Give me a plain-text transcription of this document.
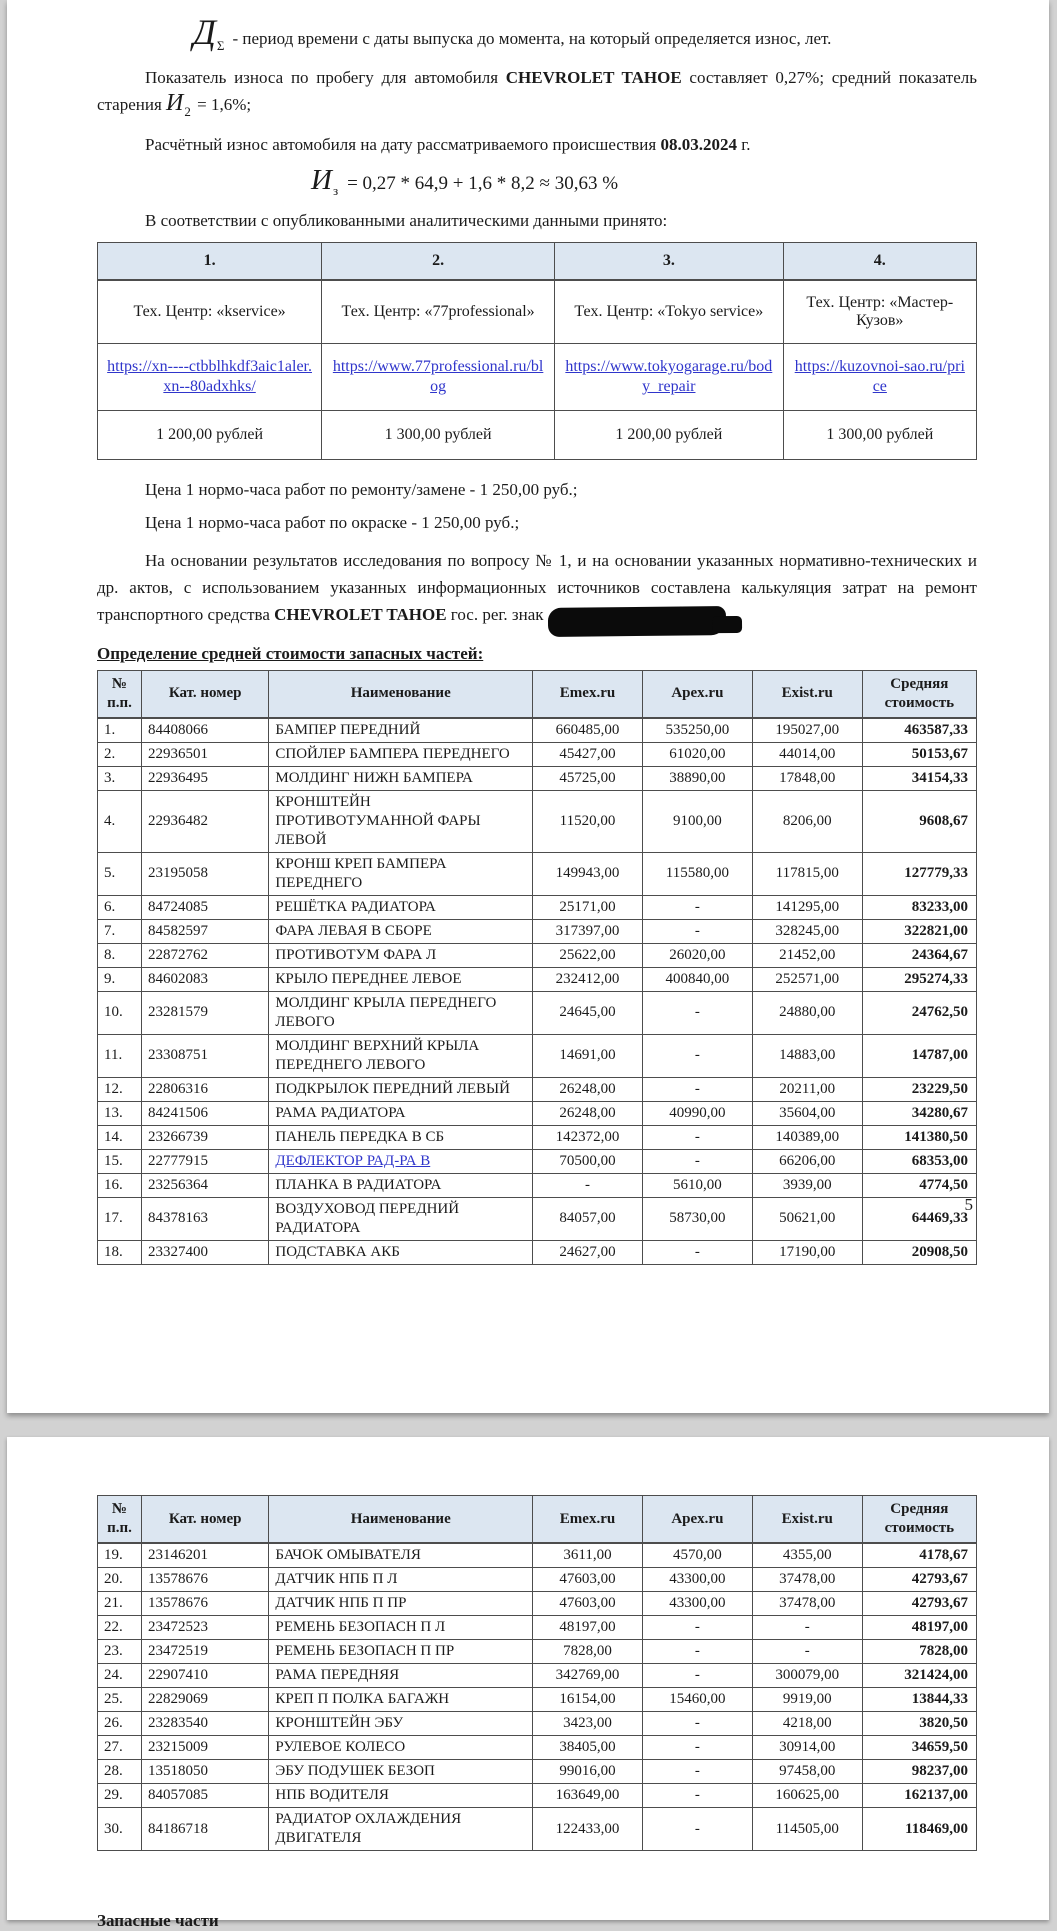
$Д_\Sigma$ - период времени с даты выпуска до момента, на который определяется износ, лет.

Показатель износа по пробегу для автомобиля CHEVROLET TAHOE составляет 0,27%; средний показатель старения $И_2 = 1,6\%$;

Расчётный износ автомобиля на дату рассматриваемого происшествия 08.03.2024 г.

$И_з = 0,27 * 64,9 + 1,6 * 8,2 \approx 30,63$ %

В соответствии с опубликованными аналитическими данными принято:

1.	2.	3.	4.
Тех. Центр: «kservice»	Тех. Центр: «77professional»	Тех. Центр: «Tokyo service»	Тех. Центр: «Мастер-Кузов»
https://xn----ctbblhkdf3aic1aler.xn--80adxhks/	https://www.77professional.ru/blog	https://www.tokyogarage.ru/body_repair	https://kuzovnoi-sao.ru/price
1 200,00 рублей	1 300,00 рублей	1 200,00 рублей	1 300,00 рублей

Цена 1 нормо-часа работ по ремонту/замене - 1 250,00 руб.;

Цена 1 нормо-часа работ по окраске - 1 250,00 руб.;

На основании результатов исследования по вопросу № 1, и на основании указанных нормативно-технических и др. актов, с использованием указанных информационных источников составлена калькуляция затрат на ремонт транспортного средства CHEVROLET TAHOE гос. рег. знак

Определение средней стоимости запасных частей:

№ п.п.	Кат. номер	Наименование	Emex.ru	Apex.ru	Exist.ru	Средняя стоимость
1.	84408066	БАМПЕР ПЕРЕДНИЙ	660485,00	535250,00	195027,00	463587,33
2.	22936501	СПОЙЛЕР БАМПЕРА ПЕРЕДНЕГО	45427,00	61020,00	44014,00	50153,67
3.	22936495	МОЛДИНГ НИЖН БАМПЕРА	45725,00	38890,00	17848,00	34154,33
4.	22936482	КРОНШТЕЙН ПРОТИВОТУМАННОЙ ФАРЫ ЛЕВОЙ	11520,00	9100,00	8206,00	9608,67
5.	23195058	КРОНШ КРЕП БАМПЕРА ПЕРЕДНЕГО	149943,00	115580,00	117815,00	127779,33
6.	84724085	РЕШЁТКА РАДИАТОРА	25171,00	-	141295,00	83233,00
7.	84582597	ФАРА ЛЕВАЯ В СБОРЕ	317397,00	-	328245,00	322821,00
8.	22872762	ПРОТИВОТУМ ФАРА Л	25622,00	26020,00	21452,00	24364,67
9.	84602083	КРЫЛО ПЕРЕДНЕЕ ЛЕВОЕ	232412,00	400840,00	252571,00	295274,33
10.	23281579	МОЛДИНГ КРЫЛА ПЕРЕДНЕГО ЛЕВОГО	24645,00	-	24880,00	24762,50
11.	23308751	МОЛДИНГ ВЕРХНИЙ КРЫЛА ПЕРЕДНЕГО ЛЕВОГО	14691,00	-	14883,00	14787,00
12.	22806316	ПОДКРЫЛОК ПЕРЕДНИЙ ЛЕВЫЙ	26248,00	-	20211,00	23229,50
13.	84241506	РАМА РАДИАТОРА	26248,00	40990,00	35604,00	34280,67
14.	23266739	ПАНЕЛЬ ПЕРЕДКА В СБ	142372,00	-	140389,00	141380,50
15.	22777915	ДЕФЛЕКТОР РАД-РА В	70500,00	-	66206,00	68353,00
16.	23256364	ПЛАНКА В РАДИАТОРА	-	5610,00	3939,00	4774,50
17.	84378163	ВОЗДУХОВОД ПЕРЕДНИЙ РАДИАТОРА	84057,00	58730,00	50621,00	64469,33
18.	23327400	ПОДСТАВКА АКБ	24627,00	-	17190,00	20908,50
5
№ п.п.	Кат. номер	Наименование	Emex.ru	Apex.ru	Exist.ru	Средняя стоимость
19.	23146201	БАЧОК ОМЫВАТЕЛЯ	3611,00	4570,00	4355,00	4178,67
20.	13578676	ДАТЧИК НПБ П Л	47603,00	43300,00	37478,00	42793,67
21.	13578676	ДАТЧИК НПБ П ПР	47603,00	43300,00	37478,00	42793,67
22.	23472523	РЕМЕНЬ БЕЗОПАСН П Л	48197,00	-	-	48197,00
23.	23472519	РЕМЕНЬ БЕЗОПАСН П ПР	7828,00	-	-	7828,00
24.	22907410	РАМА ПЕРЕДНЯЯ	342769,00	-	300079,00	321424,00
25.	22829069	КРЕП П ПОЛКА БАГАЖН	16154,00	15460,00	9919,00	13844,33
26.	23283540	КРОНШТЕЙН ЭБУ	3423,00	-	4218,00	3820,50
27.	23215009	РУЛЕВОЕ КОЛЕСО	38405,00	-	30914,00	34659,50
28.	13518050	ЭБУ ПОДУШЕК БЕЗОП	99016,00	-	97458,00	98237,00
29.	84057085	НПБ ВОДИТЕЛЯ	163649,00	-	160625,00	162137,00
30.	84186718	РАДИАТОР ОХЛАЖДЕНИЯ ДВИГАТЕЛЯ	122433,00	-	114505,00	118469,00
Запасные части
